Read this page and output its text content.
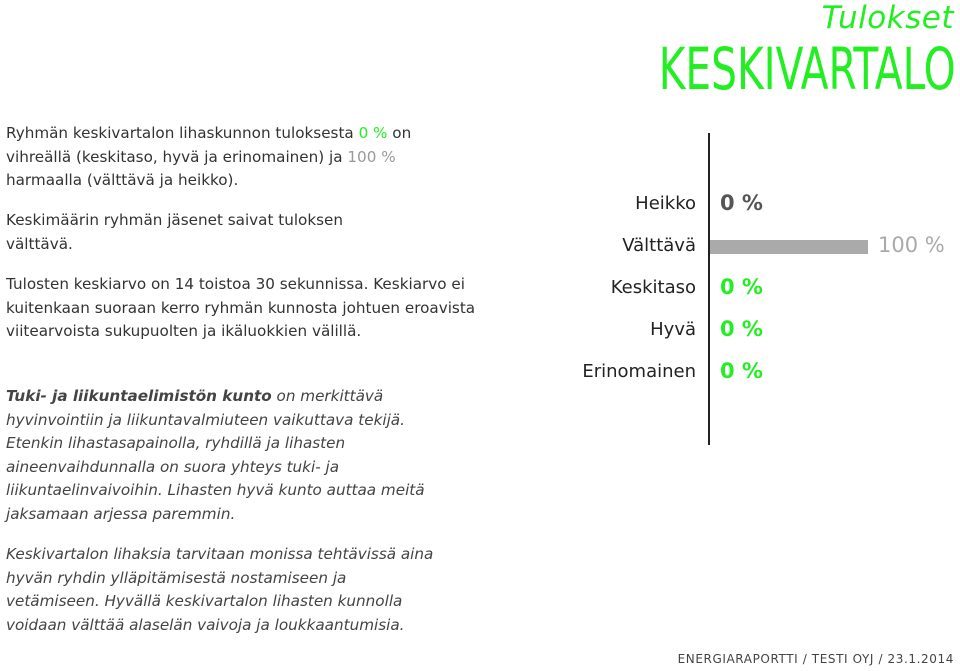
Tulokset
KESKIVARTALO
Ryhmän keskivartalon lihaskunnon tuloksesta 0 % on vihreällä (keskitaso, hyvä ja erinomainen) ja 100 % harmaalla (välttävä ja heikko).
Keskimäärin ryhmän jäsenet saivat tuloksen välttävä.
Tulosten keskiarvo on 14 toistoa 30 sekunnissa. Keskiarvo ei kuitenkaan suoraan kerro ryhmän kunnosta johtuen eroavista viitearvoista sukupuolten ja ikäluokkien välillä.
Tuki- ja liikuntaelimistön kunto on merkittävä hyvinvointiin ja liikuntavalmiuteen vaikuttava tekijä. Etenkin lihastasapainolla, ryhdillä ja lihasten aineenvaihdunnalla on suora yhteys tuki- ja liikuntaelinvaivoihin. Lihasten hyvä kunto auttaa meitä jaksamaan arjessa paremmin.
Keskivartalon lihaksia tarvitaan monissa tehtävissä aina hyvän ryhdin ylläpitämisestä nostamiseen ja vetämiseen. Hyvällä keskivartalon lihasten kunnolla voidaan välttää alaselän vaivoja ja loukkaantumisia.
Heikko 0 %
Välttävä	100 %
Keskitaso 0 %
Hyvä 0 %
Erinomainen 0 %
ENERGIARAPORTTI / TESTI OYJ / 23.1.2014
